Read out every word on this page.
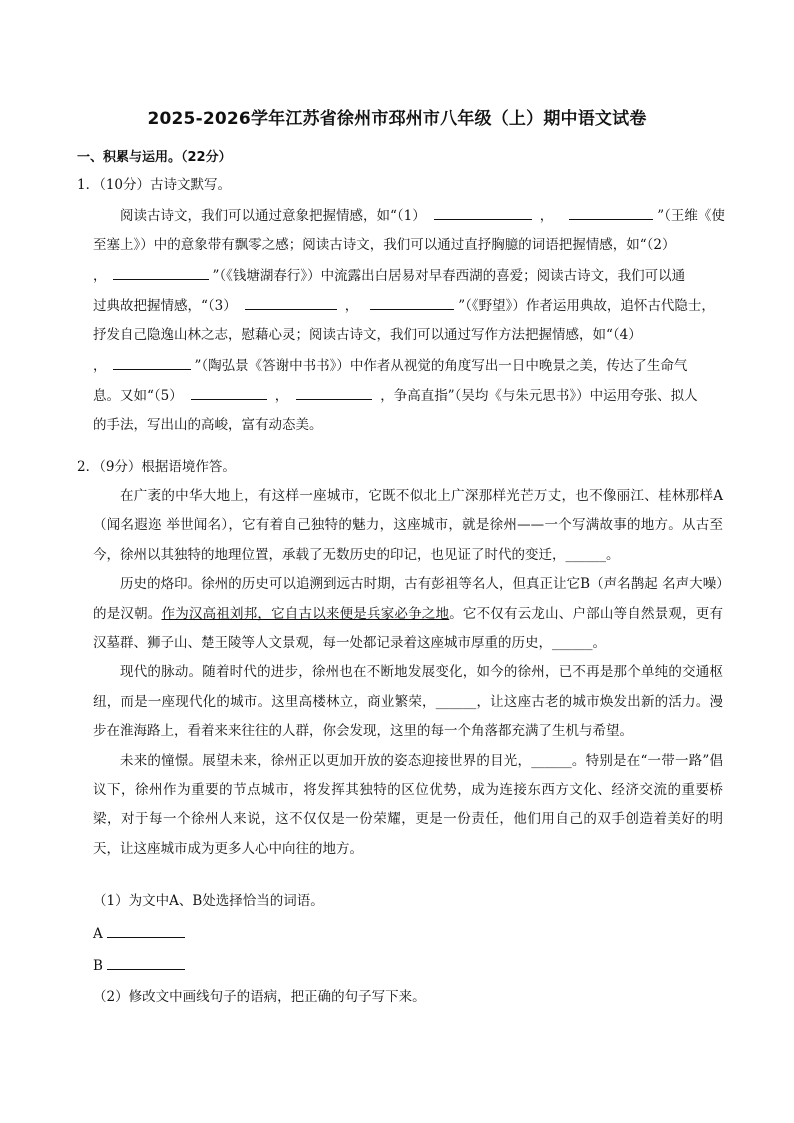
2025-2026学年江苏省徐州市邳州市八年级（上）期中语文试卷
一、积累与运用。（22分）
1．（10分）古诗文默写。
阅读古诗文，我们可以通过意象把握情感，如“（1）	，	”（王维《使
至塞上》）中的意象带有飘零之感；阅读古诗文，我们可以通过直抒胸臆的词语把握情感，如“（2）
，	”（《钱塘湖春行》）中流露出白居易对早春西湖的喜爱；阅读古诗文，我们可以通
过典故把握情感，“（3）	，	”（《野望》）作者运用典故，追怀古代隐士，
抒发自己隐逸山林之志，慰藉心灵；阅读古诗文，我们可以通过写作方法把握情感，如“（4）
，	”（陶弘景《答谢中书书》）中作者从视觉的角度写出一日中晚景之美，传达了生命气
息。又如“（5）	，	，争高直指”（吴均《与朱元思书》）中运用夸张、拟人
的手法，写出山的高峻，富有动态美。
2．（9分）根据语境作答。

在广袤的中华大地上，有这样一座城市，它既不似北上广深那样光芒万丈，也不像丽江、桂林那样A（闻名遐迩 举世闻名），它有着自己独特的魅力，这座城市，就是徐州——一个写满故事的地方。从古至今，徐州以其独特的地理位置，承载了无数历史的印记，也见证了时代的变迁，______。

历史的烙印。徐州的历史可以追溯到远古时期，古有彭祖等名人，但真正让它B（声名鹊起 名声大噪）的是汉朝。作为汉高祖刘邦，它自古以来便是兵家必争之地。它不仅有云龙山、户部山等自然景观，更有汉墓群、狮子山、楚王陵等人文景观，每一处都记录着这座城市厚重的历史，______。

现代的脉动。随着时代的进步，徐州也在不断地发展变化，如今的徐州，已不再是那个单纯的交通枢纽，而是一座现代化的城市。这里高楼林立，商业繁荣，______，让这座古老的城市焕发出新的活力。漫步在淮海路上，看着来来往往的人群，你会发现，这里的每一个角落都充满了生机与希望。

未来的憧憬。展望未来，徐州正以更加开放的姿态迎接世界的目光，______。特别是在“一带一路”倡议下，徐州作为重要的节点城市，将发挥其独特的区位优势，成为连接东西方文化、经济交流的重要桥梁，对于每一个徐州人来说，这不仅仅是一份荣耀，更是一份责任，他们用自己的双手创造着美好的明天，让这座城市成为更多人心中向往的地方。

（1）为文中A、B处选择恰当的词语。
A
B
（2）修改文中画线句子的语病，把正确的句子写下来。
